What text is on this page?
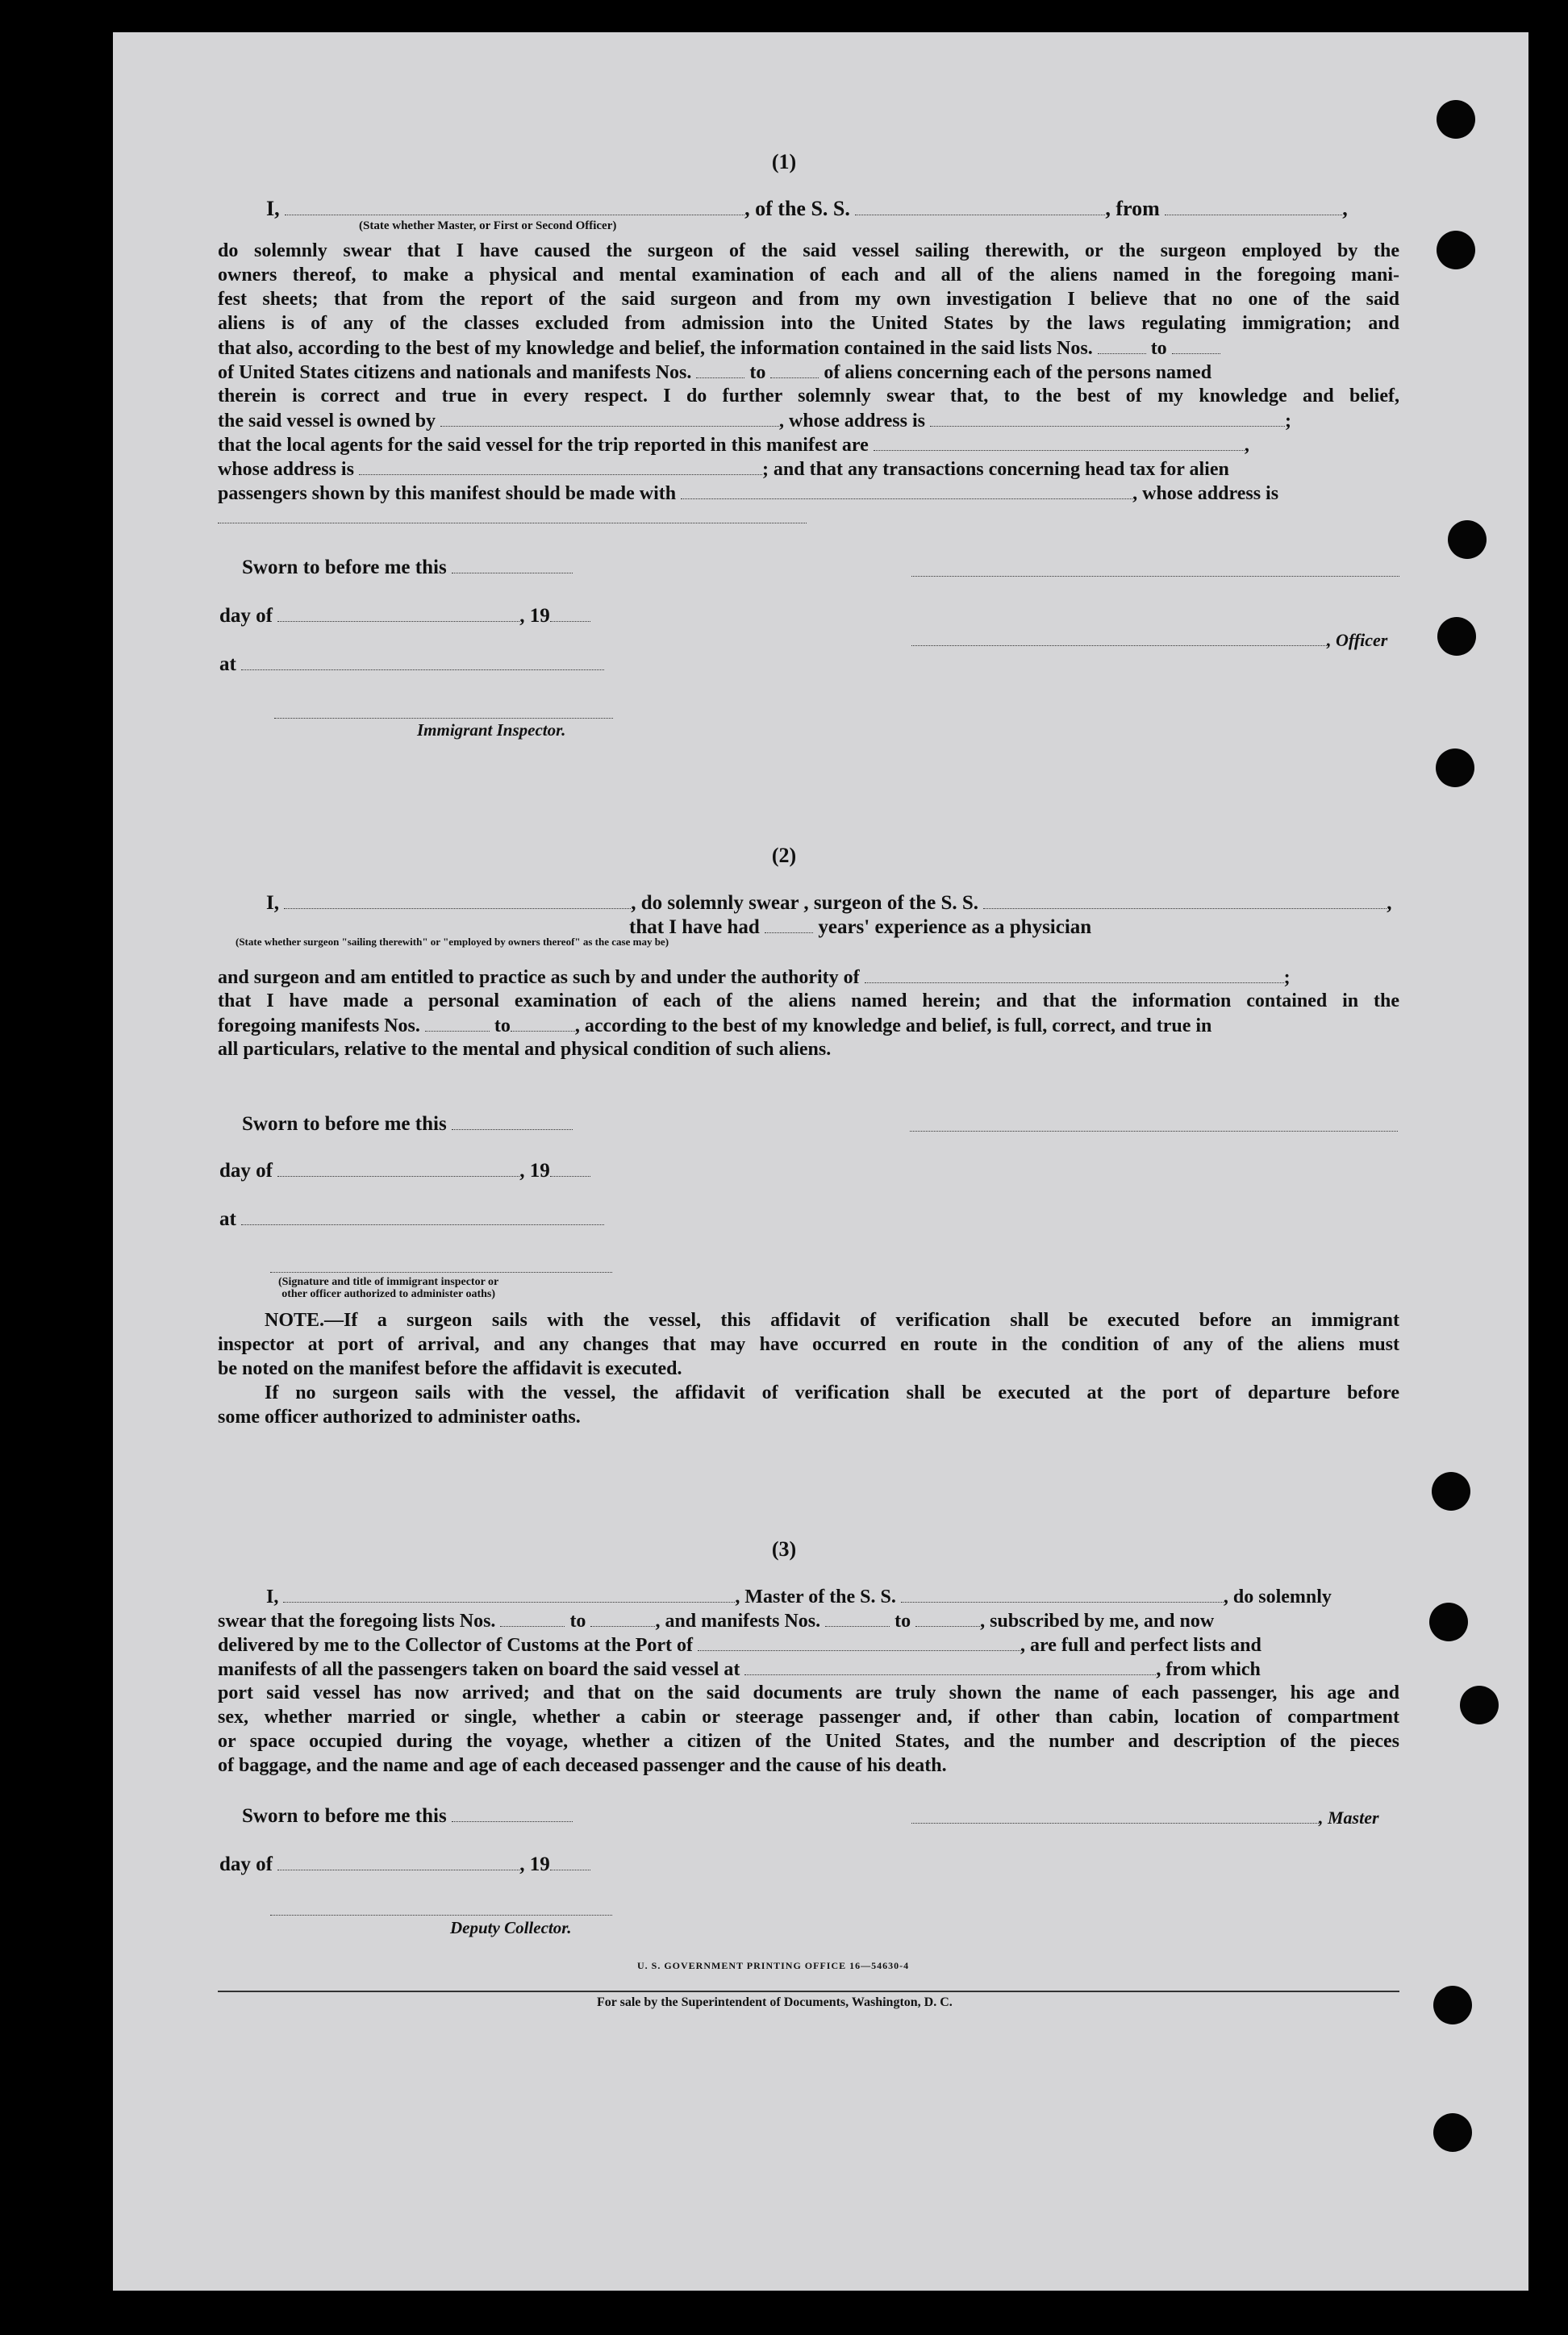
(1)
I,	, of the S. S.	, from	,
(State whether Master, or First or Second Officer)
do solemnly swear that I have caused the surgeon of the said vessel sailing therewith, or the surgeon employed by the
owners thereof, to make a physical and mental examination of each and all of the aliens named in the foregoing mani-
fest sheets; that from the report of the said surgeon and from my own investigation I believe that no one of the said
aliens is of any of the classes excluded from admission into the United States by the laws regulating immigration; and
that also, according to the best of my knowledge and belief, the information contained in the said lists Nos.	to
of United States citizens and nationals and manifests Nos.	to	of aliens concerning each of the persons named
therein is correct and true in every respect. I do further solemnly swear that, to the best of my knowledge and belief,
the said vessel is owned by	, whose address is	;
that the local agents for the said vessel for the trip reported in this manifest are	,
whose address is	; and that any transactions concerning head tax for alien
passengers shown by this manifest should be made with	, whose address is
Sworn to before me this
day of	, 19
, Officer
at
Immigrant Inspector.
(2)
I,	, do solemnly swear , surgeon of the S. S.	,
that I have had	years' experience as a physician
(State whether surgeon "sailing therewith" or "employed by owners thereof" as the case may be)
and surgeon and am entitled to practice as such by and under the authority of	;
that I have made a personal examination of each of the aliens named herein; and that the information contained in the
foregoing manifests Nos.	to	, according to the best of my knowledge and belief, is full, correct, and true in
all particulars, relative to the mental and physical condition of such aliens.
Sworn to before me this
day of	, 19
at
(Signature and title of immigrant inspector or
other officer authorized to administer oaths)
NOTE.—If a surgeon sails with the vessel, this affidavit of verification shall be executed before an immigrant
inspector at port of arrival, and any changes that may have occurred en route in the condition of any of the aliens must
be noted on the manifest before the affidavit is executed.
If no surgeon sails with the vessel, the affidavit of verification shall be executed at the port of departure before
some officer authorized to administer oaths.
(3)
I,	, Master of the S. S.	, do solemnly
swear that the foregoing lists Nos.	to	, and manifests Nos.	to	, subscribed by me, and now
delivered by me to the Collector of Customs at the Port of	, are full and perfect lists and
manifests of all the passengers taken on board the said vessel at	, from which
port said vessel has now arrived; and that on the said documents are truly shown the name of each passenger, his age and
sex, whether married or single, whether a cabin or steerage passenger and, if other than cabin, location of compartment
or space occupied during the voyage, whether a citizen of the United States, and the number and description of the pieces
of baggage, and the name and age of each deceased passenger and the cause of his death.
Sworn to before me this	, Master
day of	, 19
Deputy Collector.
U. S. GOVERNMENT PRINTING OFFICE 16—54630-4
For sale by the Superintendent of Documents, Washington, D. C.
